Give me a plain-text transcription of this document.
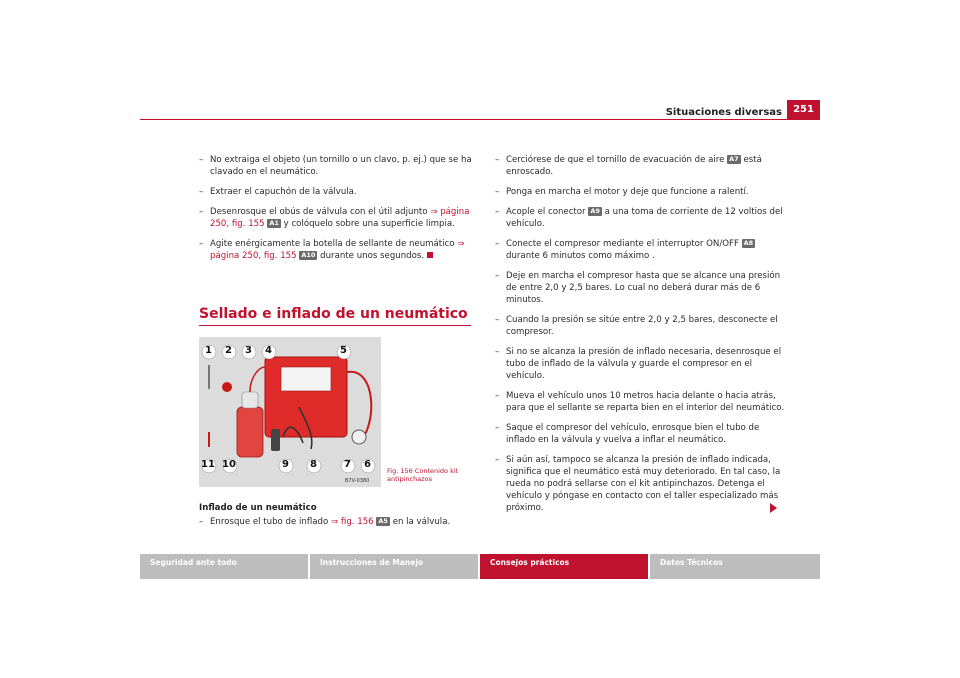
Situaciones diversas	251
– No extraiga el objeto (un tornillo o un clavo, p. ej.) que se ha clavado en el neumático.
– Extraer el capuchón de la válvula.
– Desenrosque el obús de válvula con el útil adjunto ⇒ página 250, fig. 155 A1 y colóquelo sobre una superficie limpia.
– Agite enérgicamente la botella de sellante de neumático ⇒ página 250, fig. 155 A10 durante unos segundos.
Sellado e inflado de un neumático
1 2 3 4	5
11 10	9 8	7 6
B7V-0380
Fig. 156 Contenido kit antipinchazos
Inflado de un neumático
– Enrosque el tubo de inflado ⇒ fig. 156 A5 en la válvula.
– Cerciórese de que el tornillo de evacuación de aire A7 está enroscado.
– Ponga en marcha el motor y deje que funcione a ralentí.
– Acople el conector A9 a una toma de corriente de 12 voltios del vehículo.
– Conecte el compresor mediante el interruptor ON/OFF A8 durante 6 minutos como máximo .
– Deje en marcha el compresor hasta que se alcance una presión de entre 2,0 y 2,5 bares. Lo cual no deberá durar más de 6 minutos.
– Cuando la presión se sitúe entre 2,0 y 2,5 bares, desconecte el compresor.
– Si no se alcanza la presión de inflado necesaria, desenrosque el tubo de inflado de la válvula y guarde el compresor en el vehículo.
– Mueva el vehículo unos 10 metros hacia delante o hacia atrás, para que el sellante se reparta bien en el interior del neumático.
– Saque el compresor del vehículo, enrosque bien el tubo de inflado en la válvula y vuelva a inflar el neumático.
– Si aún así, tampoco se alcanza la presión de inflado indicada, significa que el neumático está muy deteriorado. En tal caso, la rueda no podrá sellarse con el kit antipinchazos. Detenga el vehículo y póngase en contacto con el taller especializado más próximo.
Seguridad ante todo	Instrucciones de Manejo	Consejos prácticos	Datos Técnicos
